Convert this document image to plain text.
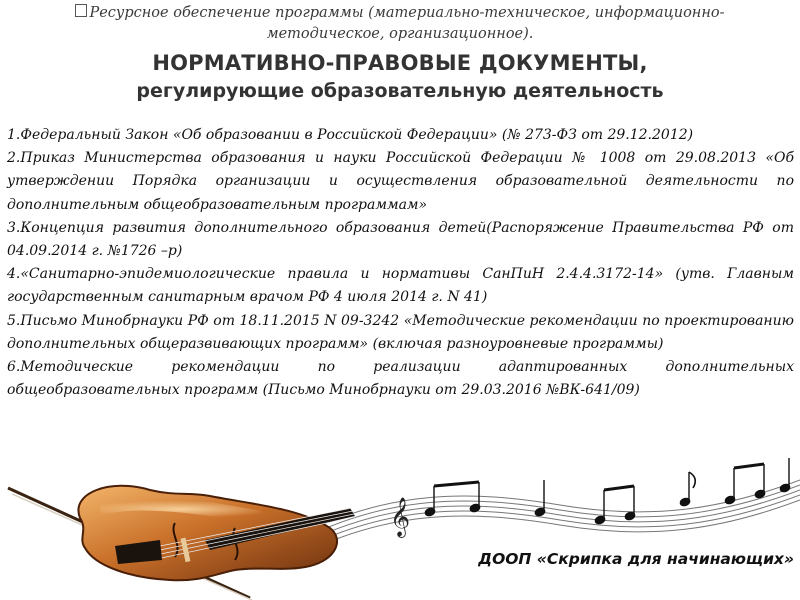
Ресурсное обеспечение программы (материально-техническое, информационно-методическое, организационное).
НОРМАТИВНО-ПРАВОВЫЕ ДОКУМЕНТЫ,
регулирующие образовательную деятельность
1.Федеральный Закон «Об образовании в Российской Федерации» (№ 273-ФЗ от 29.12.2012)
2.Приказ Министерства образования и науки Российской Федерации № 1008 от 29.08.2013 «Об утверждении Порядка организации и осуществления образовательной деятельности по дополнительным общеобразовательным программам»
3.Концепция развития дополнительного образования детей(Распоряжение Правительства РФ от 04.09.2014 г. №1726 –р)
4.«Санитарно-эпидемиологические правила и нормативы СанПиН 2.4.4.3172-14» (утв. Главным государственным санитарным врачом РФ 4 июля 2014 г. N 41)
5.Письмо Минобрнауки РФ от 18.11.2015 N 09-3242 «Методические рекомендации по проектированию дополнительных общеразвивающих программ» (включая разноуровневые программы)
6.Методические рекомендации по реализации адаптированных дополнительных общеобразовательных программ (Письмо Минобрнауки от 29.03.2016 №ВК-641/09)
𝄞
ДООП «Скрипка для начинающих»
